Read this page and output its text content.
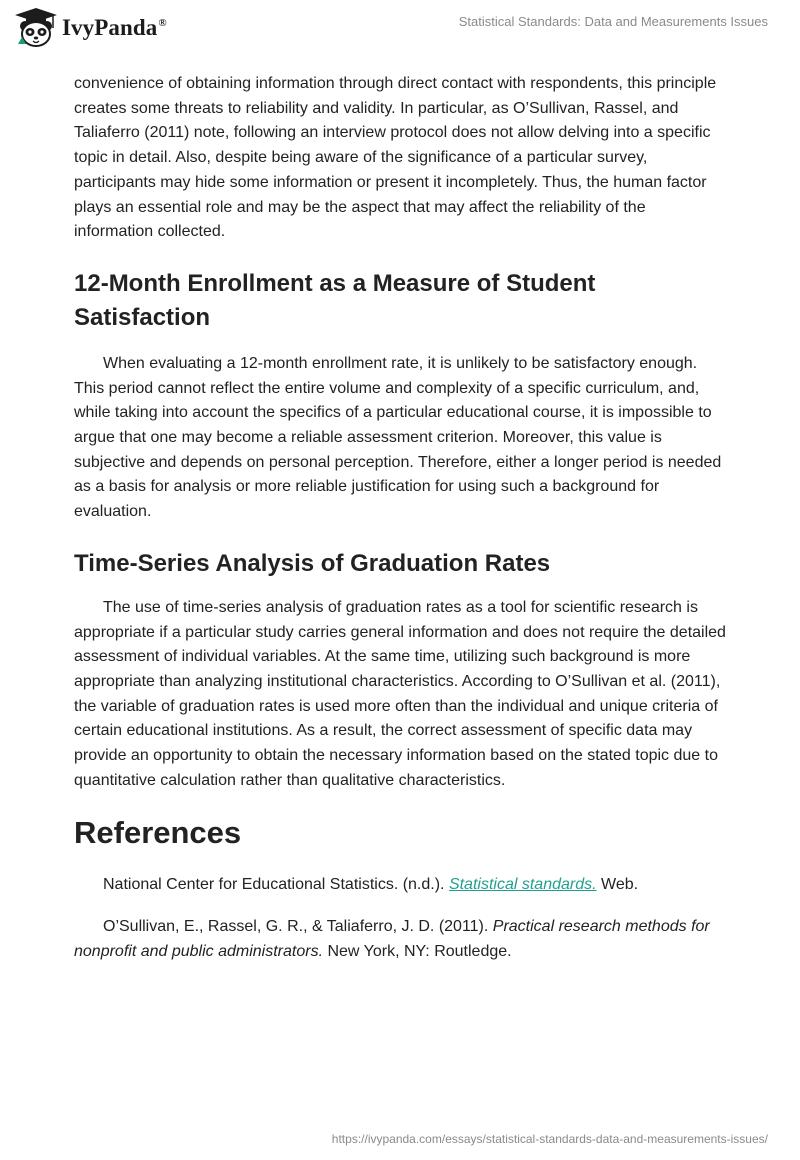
IvyPanda®	Statistical Standards: Data and Measurements Issues

convenience of obtaining information through direct contact with respondents, this principle creates some threats to reliability and validity. In particular, as O’Sullivan, Rassel, and Taliaferro (2011) note, following an interview protocol does not allow delving into a specific topic in detail. Also, despite being aware of the significance of a particular survey, participants may hide some information or present it incompletely. Thus, the human factor plays an essential role and may be the aspect that may affect the reliability of the information collected.

12-Month Enrollment as a Measure of Student Satisfaction

When evaluating a 12-month enrollment rate, it is unlikely to be satisfactory enough. This period cannot reflect the entire volume and complexity of a specific curriculum, and, while taking into account the specifics of a particular educational course, it is impossible to argue that one may become a reliable assessment criterion. Moreover, this value is subjective and depends on personal perception. Therefore, either a longer period is needed as a basis for analysis or more reliable justification for using such a background for evaluation.

Time-Series Analysis of Graduation Rates

The use of time-series analysis of graduation rates as a tool for scientific research is appropriate if a particular study carries general information and does not require the detailed assessment of individual variables. At the same time, utilizing such background is more appropriate than analyzing institutional characteristics. According to O’Sullivan et al. (2011), the variable of graduation rates is used more often than the individual and unique criteria of certain educational institutions. As a result, the correct assessment of specific data may provide an opportunity to obtain the necessary information based on the stated topic due to quantitative calculation rather than qualitative characteristics.

References

National Center for Educational Statistics. (n.d.). Statistical standards. Web.

O’Sullivan, E., Rassel, G. R., & Taliaferro, J. D. (2011). Practical research methods for nonprofit and public administrators. New York, NY: Routledge.

https://ivypanda.com/essays/statistical-standards-data-and-measurements-issues/
